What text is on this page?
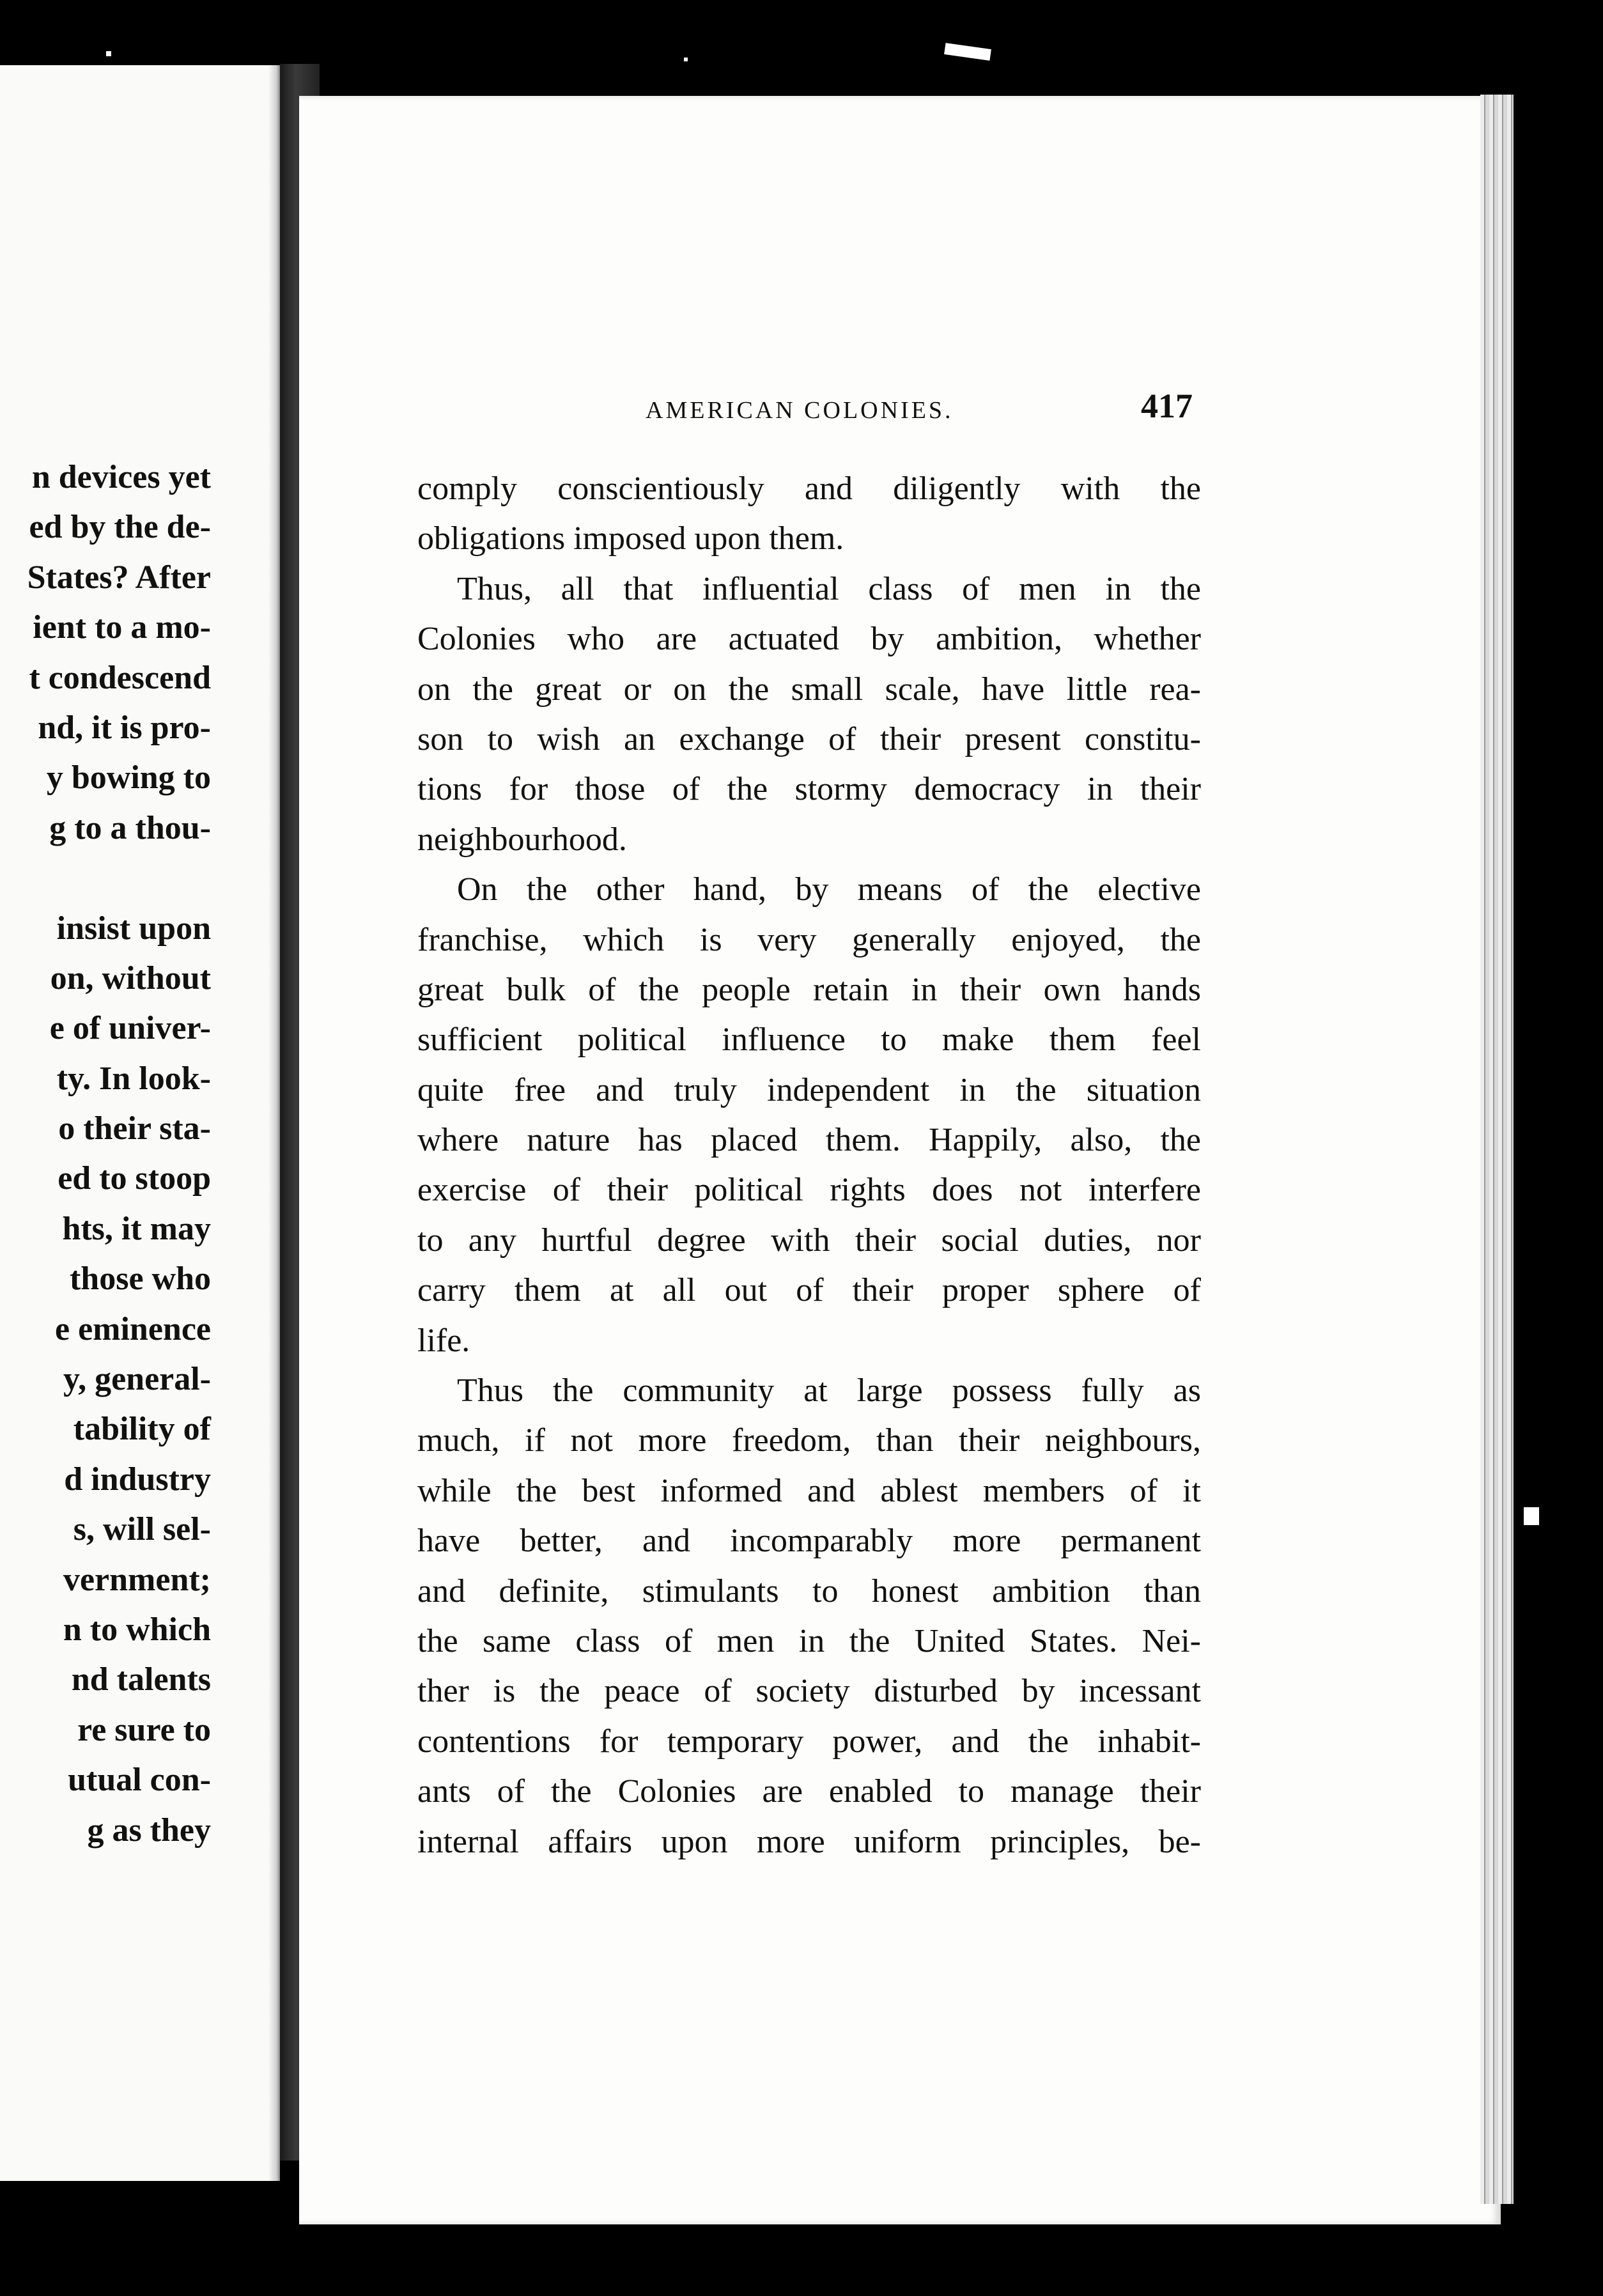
n devices yet
ed by the de-
States? After
ient to a mo-
t condescend
nd, it is pro-
y bowing to
g to a thou-
insist upon
on, without
e of univer-
ty. In look-
o their sta-
ed to stoop
hts, it may
those who
e eminence
y, general-
tability of
d industry
s, will sel-
vernment;
n to which
nd talents
re sure to
utual con-
g as they
AMERICAN COLONIES.	417
comply conscientiously and diligently with the
obligations imposed upon them.
Thus, all that influential class of men in the
Colonies who are actuated by ambition, whether
on the great or on the small scale, have little rea-
son to wish an exchange of their present constitu-
tions for those of the stormy democracy in their
neighbourhood.
On the other hand, by means of the elective
franchise, which is very generally enjoyed, the
great bulk of the people retain in their own hands
sufficient political influence to make them feel
quite free and truly independent in the situation
where nature has placed them. Happily, also, the
exercise of their political rights does not interfere
to any hurtful degree with their social duties, nor
carry them at all out of their proper sphere of
life.
Thus the community at large possess fully as
much, if not more freedom, than their neighbours,
while the best informed and ablest members of it
have better, and incomparably more permanent
and definite, stimulants to honest ambition than
the same class of men in the United States. Nei-
ther is the peace of society disturbed by incessant
contentions for temporary power, and the inhabit-
ants of the Colonies are enabled to manage their
internal affairs upon more uniform principles, be-
